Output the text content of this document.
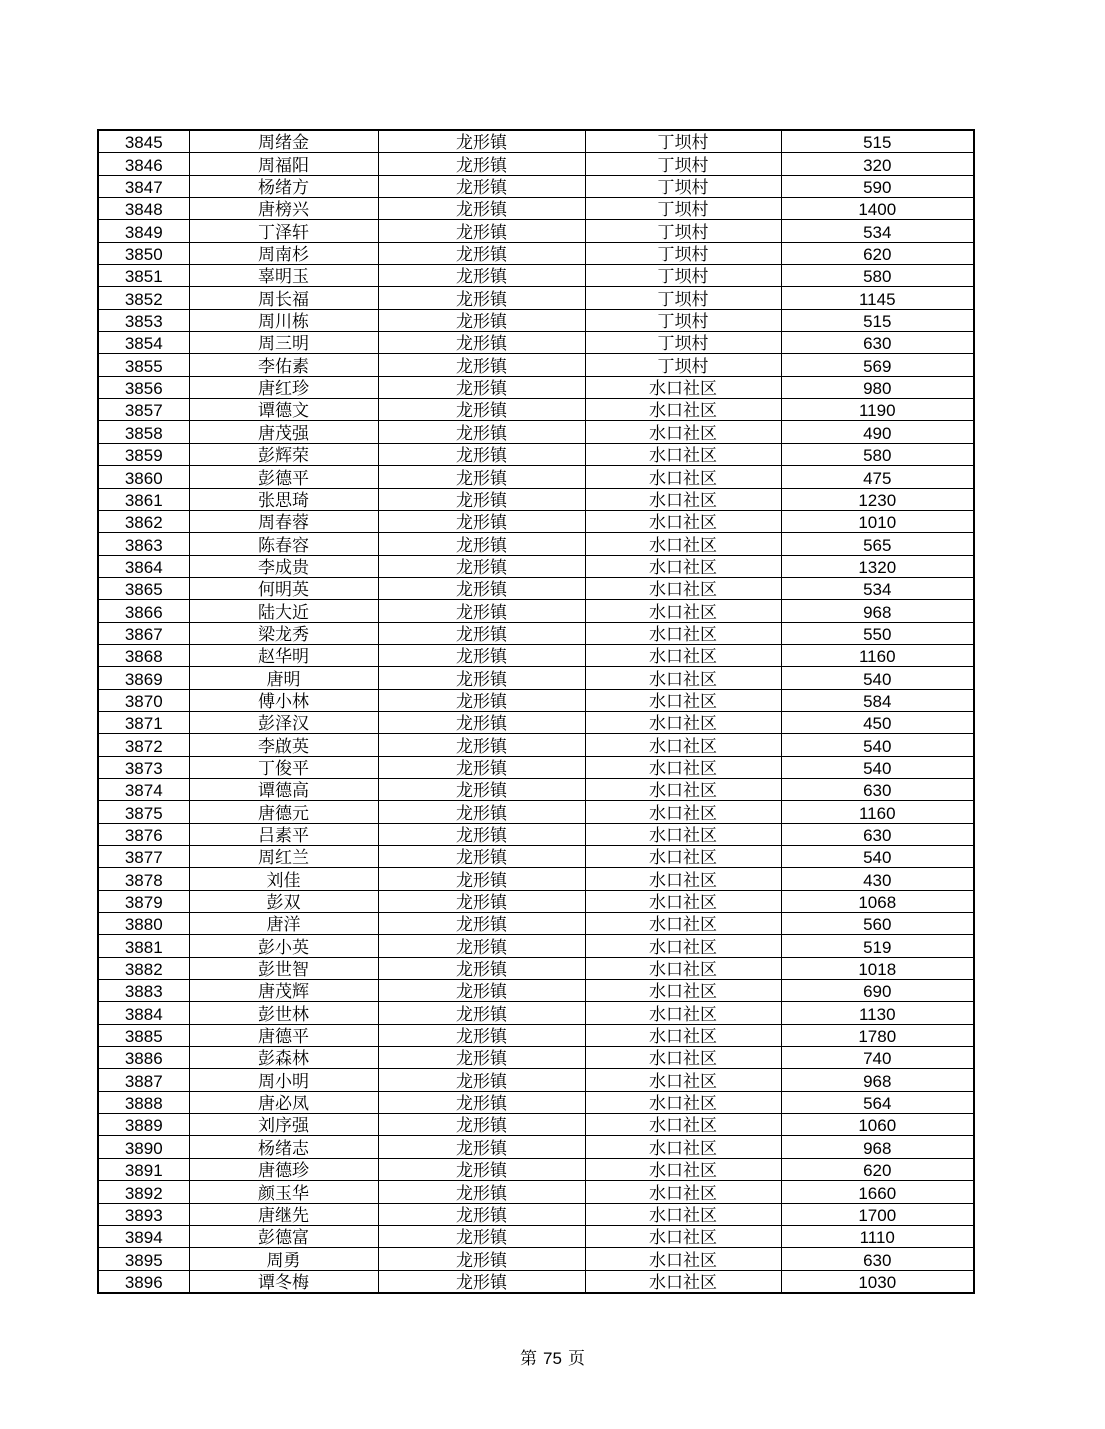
3845	周绪金	龙形镇	丁坝村	515
3846	周福阳	龙形镇	丁坝村	320
3847	杨绪方	龙形镇	丁坝村	590
3848	唐榜兴	龙形镇	丁坝村	1400
3849	丁泽轩	龙形镇	丁坝村	534
3850	周南杉	龙形镇	丁坝村	620
3851	辜明玉	龙形镇	丁坝村	580
3852	周长福	龙形镇	丁坝村	1145
3853	周川栋	龙形镇	丁坝村	515
3854	周三明	龙形镇	丁坝村	630
3855	李佑素	龙形镇	丁坝村	569
3856	唐红珍	龙形镇	水口社区	980
3857	谭德文	龙形镇	水口社区	1190
3858	唐茂强	龙形镇	水口社区	490
3859	彭辉荣	龙形镇	水口社区	580
3860	彭德平	龙形镇	水口社区	475
3861	张思琦	龙形镇	水口社区	1230
3862	周春蓉	龙形镇	水口社区	1010
3863	陈春容	龙形镇	水口社区	565
3864	李成贵	龙形镇	水口社区	1320
3865	何明英	龙形镇	水口社区	534
3866	陆大近	龙形镇	水口社区	968
3867	梁龙秀	龙形镇	水口社区	550
3868	赵华明	龙形镇	水口社区	1160
3869	唐明	龙形镇	水口社区	540
3870	傅小林	龙形镇	水口社区	584
3871	彭泽汉	龙形镇	水口社区	450
3872	李啟英	龙形镇	水口社区	540
3873	丁俊平	龙形镇	水口社区	540
3874	谭德高	龙形镇	水口社区	630
3875	唐德元	龙形镇	水口社区	1160
3876	吕素平	龙形镇	水口社区	630
3877	周红兰	龙形镇	水口社区	540
3878	刘佳	龙形镇	水口社区	430
3879	彭双	龙形镇	水口社区	1068
3880	唐洋	龙形镇	水口社区	560
3881	彭小英	龙形镇	水口社区	519
3882	彭世智	龙形镇	水口社区	1018
3883	唐茂辉	龙形镇	水口社区	690
3884	彭世林	龙形镇	水口社区	1130
3885	唐德平	龙形镇	水口社区	1780
3886	彭森林	龙形镇	水口社区	740
3887	周小明	龙形镇	水口社区	968
3888	唐必凤	龙形镇	水口社区	564
3889	刘序强	龙形镇	水口社区	1060
3890	杨绪志	龙形镇	水口社区	968
3891	唐德珍	龙形镇	水口社区	620
3892	颜玉华	龙形镇	水口社区	1660
3893	唐继先	龙形镇	水口社区	1700
3894	彭德富	龙形镇	水口社区	1110
3895	周勇	龙形镇	水口社区	630
3896	谭冬梅	龙形镇	水口社区	1030
第 75 页
